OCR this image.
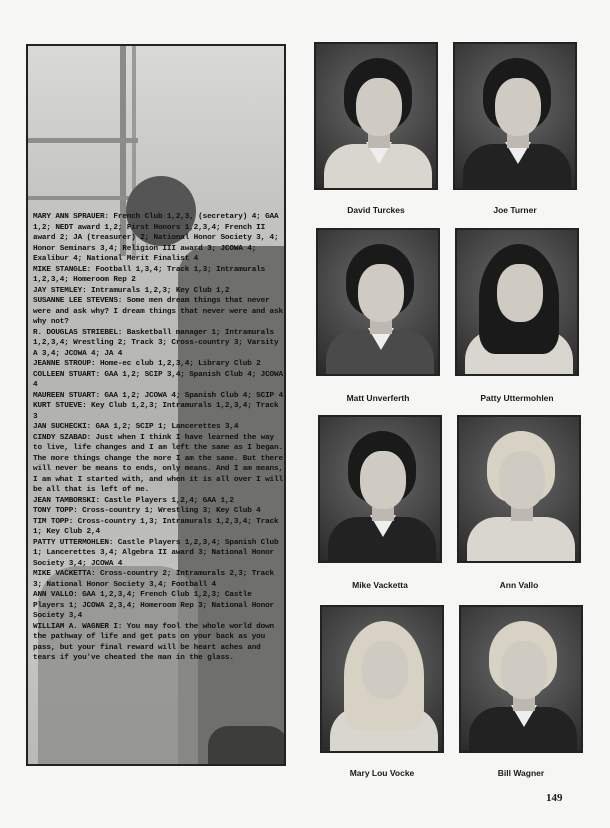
MARY ANN SPRAUER: French Club 1,2,3, (secretary) 4; GAA 1,2; NEDT award 1,2; First Honors 1,2,3,4; French II award 2; JA (treasurer) 2; National Honor Society 3, 4; Honor Seminars 3,4; Religion III award 3; JCOWA 4; Exalibur 4; National Merit Finalist 4
MIKE STANGLE: Football 1,3,4; Track 1,3; Intramurals 1,2,3,4; Homeroom Rep 2
JAY STEMLEY: Intramurals 1,2,3; Key Club 1,2
SUSANNE LEE STEVENS: Some men dream things that never were and ask why? I dream things that never were and ask why not?
R. DOUGLAS STRIEBEL: Basketball manager 1; Intramurals 1,2,3,4; Wrestling 2; Track 3; Cross-country 3; Varsity A 3,4; JCOWA 4; JA 4
JEANNE STROUP: Home-ec club 1,2,3,4; Library Club 2
COLLEEN STUART: GAA 1,2; SCIP 3,4; Spanish Club 4; JCOWA 4
MAUREEN STUART: GAA 1,2; JCOWA 4; Spanish Club 4; SCIP 4
KURT STUEVE: Key Club 1,2,3; Intramurals 1,2,3,4; Track 3
JAN SUCHECKI: GAA 1,2; SCIP 1; Lancerettes 3,4
CINDY SZABAD: Just when I think I have learned the way to live, life changes and I am left the same as I began. The more things change the more I am the same. But there will never be means to ends, only means. And I am means, I am what I started with, and when it is all over I will be all that is left of me.
JEAN TAMBORSKI: Castle Players 1,2,4; GAA 1,2
TONY TOPP: Cross-country 1; Wrestling 3; Key Club 4
TIM TOPP: Cross-country 1,3; Intramurals 1,2,3,4; Track 1; Key Club 2,4
PATTY UTTERMOHLEN: Castle Players 1,2,3,4; Spanish Club 1; Lancerettes 3,4; Algebra II award 3; National Honor Society 3,4; JCOWA 4
MIKE VACKETTA: Cross-country 2; Intramurals 2,3; Track 3; National Honor Society 3,4; Football 4
ANN VALLO: GAA 1,2,3,4; French Club 1,2,3; Castle Players 1; JCOWA 2,3,4; Homeroom Rep 3; National Honor Society 3,4
WILLIAM A. WAGNER I: You may fool the whole world down the pathway of life and get pats on your back as you pass, but your final reward will be heart aches and tears if you've cheated the man in the glass.
David Turckes	Joe Turner
Matt Unverferth	Patty Uttermohlen
Mike Vacketta	Ann Vallo
Mary Lou Vocke	Bill Wagner
149
